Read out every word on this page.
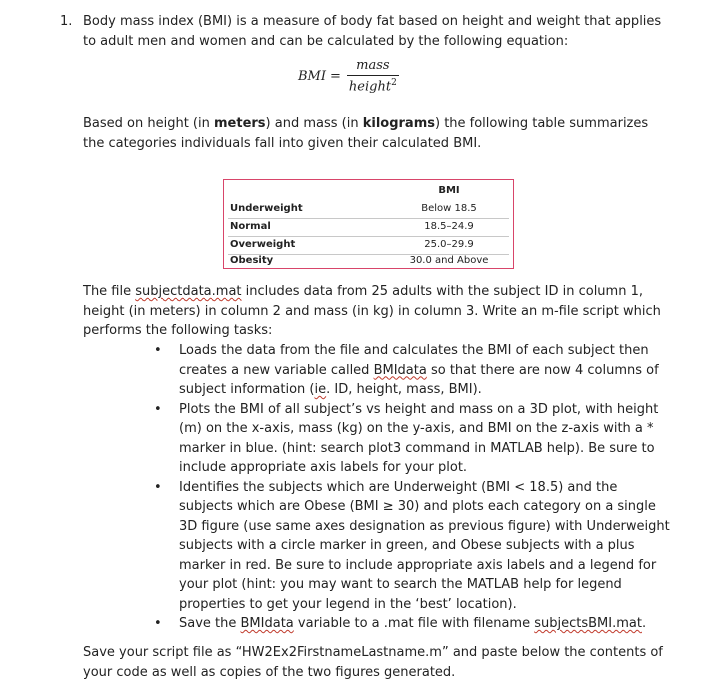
1. Body mass index (BMI) is a measure of body fat based on height and weight that applies to adult men and women and can be calculated by the following equation:

BMI = $\frac{\text{mass}}{height^2}$

Based on height (in meters) and mass (in kilograms) the following table summarizes the categories individuals fall into given their calculated BMI.

BMI
Underweight	Below 18.5
Normal	18.5–24.9
Overweight	25.0–29.9
Obesity	30.0 and Above

The file subjectdata.mat includes data from 25 adults with the subject ID in column 1, height (in meters) in column 2 and mass (in kg) in column 3. Write an m-file script which performs the following tasks:

• Loads the data from the file and calculates the BMI of each subject then creates a new variable called BMIdata so that there are now 4 columns of subject information (ie. ID, height, mass, BMI).
• Plots the BMI of all subject’s vs height and mass on a 3D plot, with height (m) on the x-axis, mass (kg) on the y-axis, and BMI on the z-axis with a * marker in blue. (hint: search plot3 command in MATLAB help). Be sure to include appropriate axis labels for your plot.
• Identifies the subjects which are Underweight (BMI < 18.5) and the subjects which are Obese (BMI ≥ 30) and plots each category on a single 3D figure (use same axes designation as previous figure) with Underweight subjects with a circle marker in green, and Obese subjects with a plus marker in red. Be sure to include appropriate axis labels and a legend for your plot (hint: you may want to search the MATLAB help for legend properties to get your legend in the ‘best’ location).
• Save the BMIdata variable to a .mat file with filename subjectsBMI.mat.

Save your script file as “HW2Ex2FirstnameLastname.m” and paste below the contents of your code as well as copies of the two figures generated.
